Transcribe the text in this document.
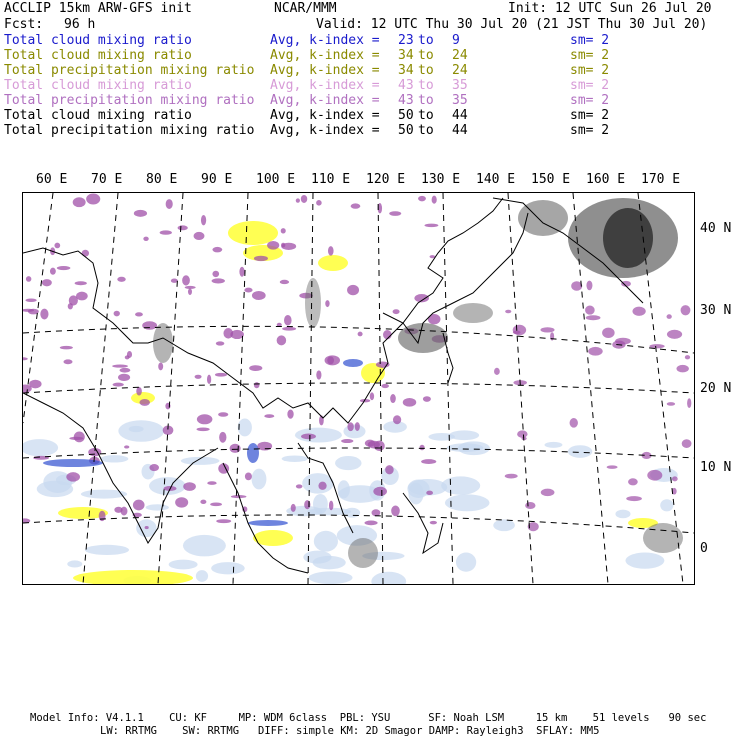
ACCLIP 15km ARW-GFS init	NCAR/MMM	Init: 12 UTC Sun 26 Jul 20
Fcst: 96 h	Valid: 12 UTC Thu 30 Jul 20 (21 JST Thu 30 Jul 20)
Total cloud mixing ratio	Avg, k-index = 23 to 9	sm= 2
Total cloud mixing ratio	Avg, k-index = 34 to 24	sm= 2
Total precipitation mixing ratio Avg, k-index = 34 to 24	sm= 2
Total cloud mixing ratio	Avg, k-index = 43 to 35	sm= 2
Total precipitation mixing ratio Avg, k-index = 43 to 35	sm= 2
Total cloud mixing ratio	Avg, k-index = 50 to 44	sm= 2
Total precipitation mixing ratio Avg, k-index = 50 to 44	sm= 2
60 E 70 E 80 E 90 E 100 E 110 E 120 E 130 E 140 E 150 E 160 E 170 E
40 N
30 N
20 N
10 N
0
Model Info: V4.1.1    CU: KF     MP: WDM 6class  PBL: YSU      SF: Noah LSM     15 km    51 levels   90 sec
LW: RRTMG    SW: RRTMG   DIFF: simple KM: 2D Smagor DAMP: Rayleigh3  SFLAY: MM5
